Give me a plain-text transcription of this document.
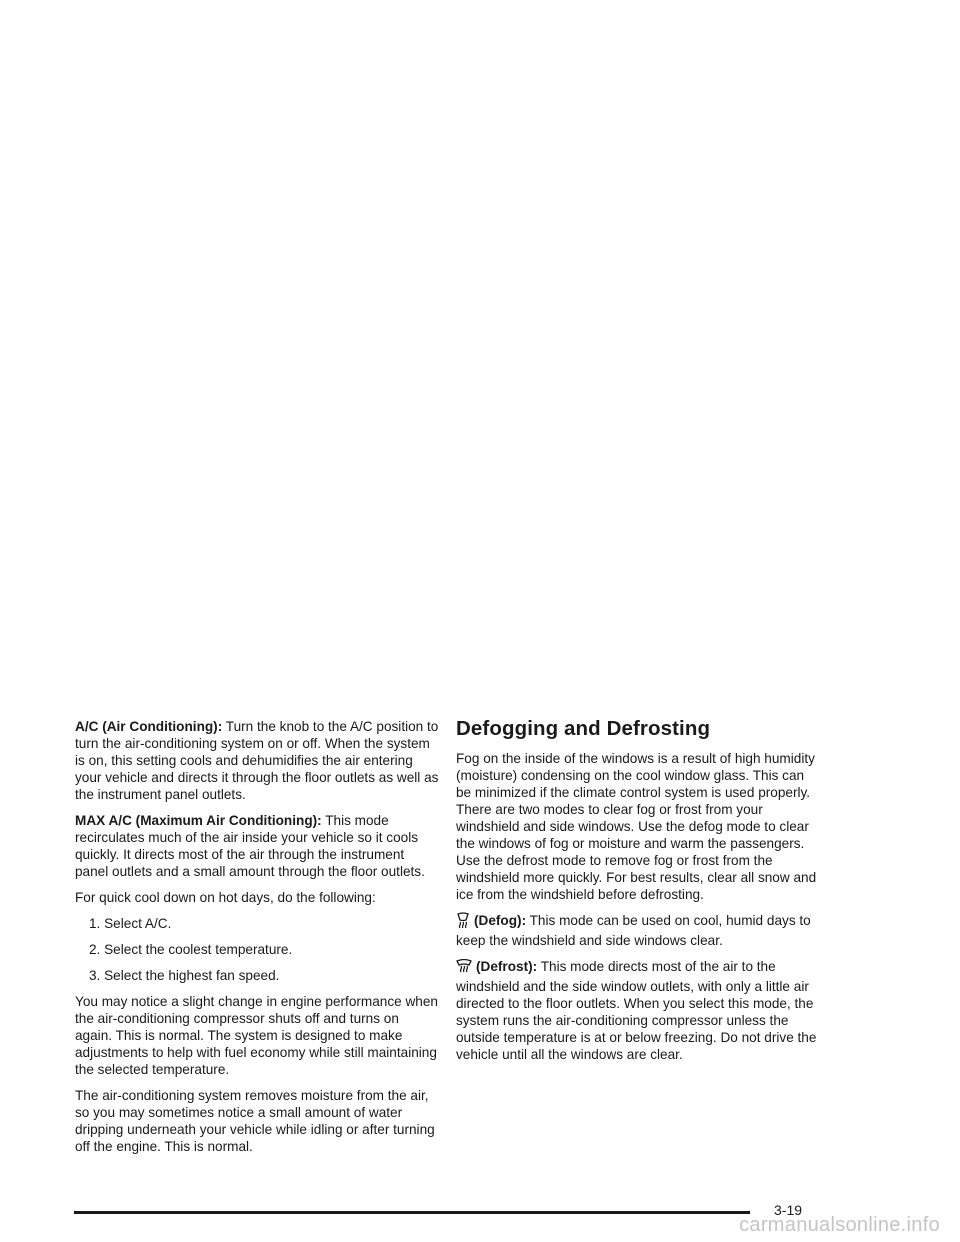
A/C (Air Conditioning): Turn the knob to the A/C position to turn the air-conditioning system on or off. When the system is on, this setting cools and dehumidifies the air entering your vehicle and directs it through the floor outlets as well as the instrument panel outlets.

MAX A/C (Maximum Air Conditioning): This mode recirculates much of the air inside your vehicle so it cools quickly. It directs most of the air through the instrument panel outlets and a small amount through the floor outlets.

For quick cool down on hot days, do the following:

1. Select A/C.

2. Select the coolest temperature.

3. Select the highest fan speed.

You may notice a slight change in engine performance when the air-conditioning compressor shuts off and turns on again. This is normal. The system is designed to make adjustments to help with fuel economy while still maintaining the selected temperature.

The air-conditioning system removes moisture from the air, so you may sometimes notice a small amount of water dripping underneath your vehicle while idling or after turning off the engine. This is normal.

Defogging and Defrosting

Fog on the inside of the windows is a result of high humidity (moisture) condensing on the cool window glass. This can be minimized if the climate control system is used properly. There are two modes to clear fog or frost from your windshield and side windows. Use the defog mode to clear the windows of fog or moisture and warm the passengers. Use the defrost mode to remove fog or frost from the windshield more quickly. For best results, clear all snow and ice from the windshield before defrosting.

(Defog): This mode can be used on cool, humid days to keep the windshield and side windows clear.

(Defrost): This mode directs most of the air to the windshield and the side window outlets, with only a little air directed to the floor outlets. When you select this mode, the system runs the air-conditioning compressor unless the outside temperature is at or below freezing. Do not drive the vehicle until all the windows are clear.

3-19
carmanualsonline.info
